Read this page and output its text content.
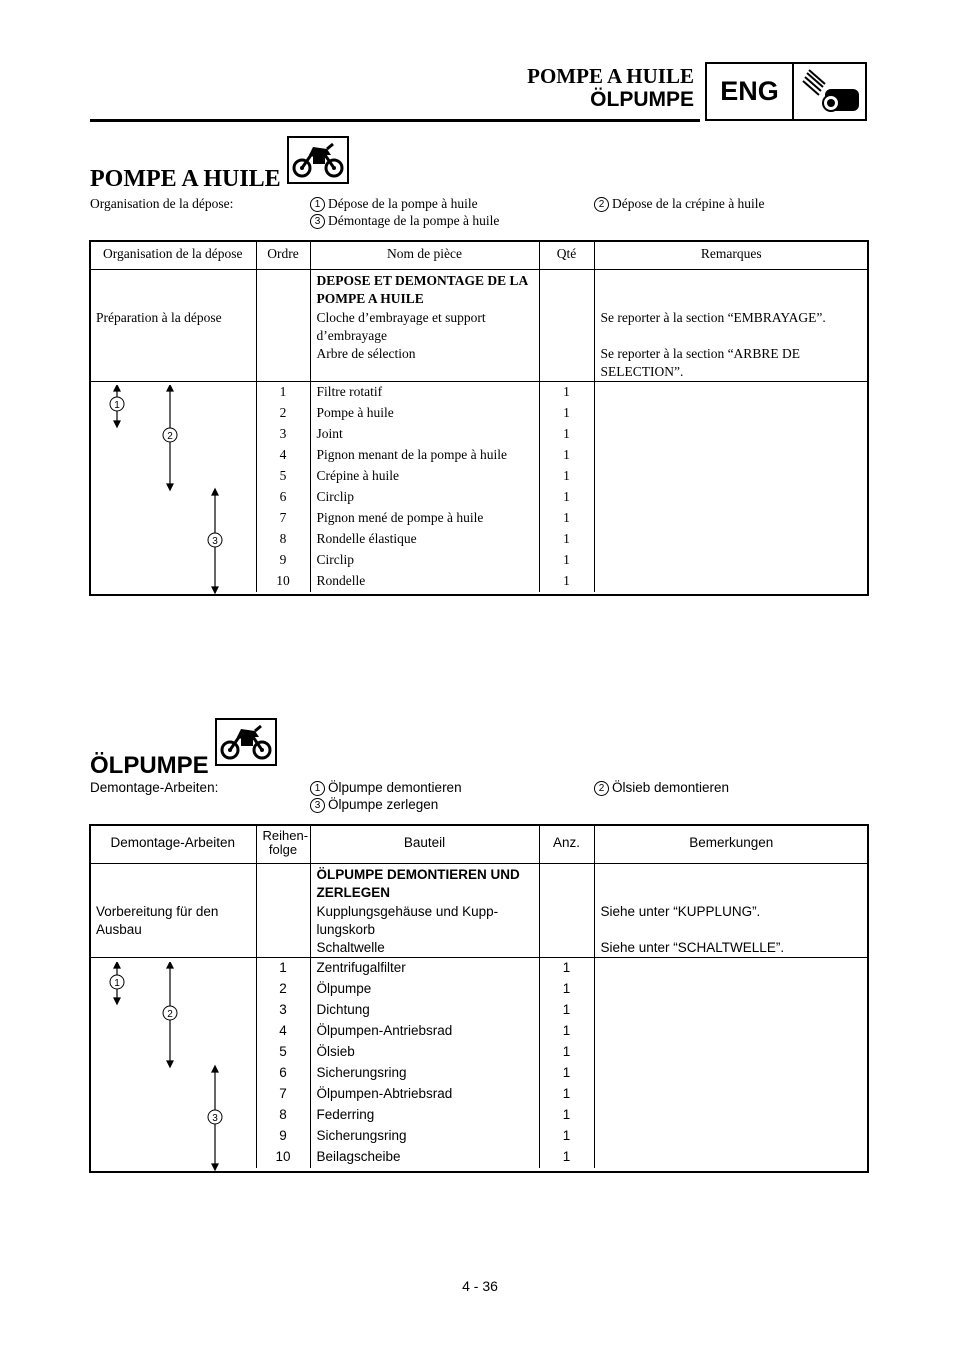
POMPE A HUILE
ÖLPUMPE ENG
POMPE A HUILE
Organisation de la dépose:	1 Dépose de la pompe à huile	2 Dépose de la crépine à huile
3 Démontage de la pompe à huile
Organisation de la dépose	Ordre	Nom de pièce	Qté	Remarques
		DEPOSE ET DEMONTAGE DE LA POMPE A HUILE		
Préparation à la dépose		Cloche d’embrayage et support d’embrayage		Se reporter à la section “EMBRAYAGE”.
		Arbre de sélection		Se reporter à la section “ARBRE DE SELECTION”.
	1	Filtre rotatif	1	
	2	Pompe à huile	1	
	3	Joint	1	
	4	Pignon menant de la pompe à huile	1	
	5	Crépine à huile	1	
	6	Circlip	1	
	7	Pignon mené de pompe à huile	1	
	8	Rondelle élastique	1	
	9	Circlip	1	
	10	Rondelle	1	
1
2
3
ÖLPUMPE
Demontage-Arbeiten:	1 Ölpumpe demontieren	2 Ölsieb demontieren
3 Ölpumpe zerlegen
Demontage-Arbeiten	Reihen-
folge	Bauteil	Anz.	Bemerkungen
		ÖLPUMPE DEMONTIEREN UND ZERLEGEN		
Vorbereitung für den Ausbau		Kupplungsgehäuse und Kupp-lungskorb		Siehe unter “KUPPLUNG”.
		Schaltwelle		Siehe unter “SCHALTWELLE”.
	1	Zentrifugalfilter	1	
	2	Ölpumpe	1	
	3	Dichtung	1	
	4	Ölpumpen-Antriebsrad	1	
	5	Ölsieb	1	
	6	Sicherungsring	1	
	7	Ölpumpen-Abtriebsrad	1	
	8	Federring	1	
	9	Sicherungsring	1	
	10	Beilagscheibe	1	
1
2
3
4 - 36
